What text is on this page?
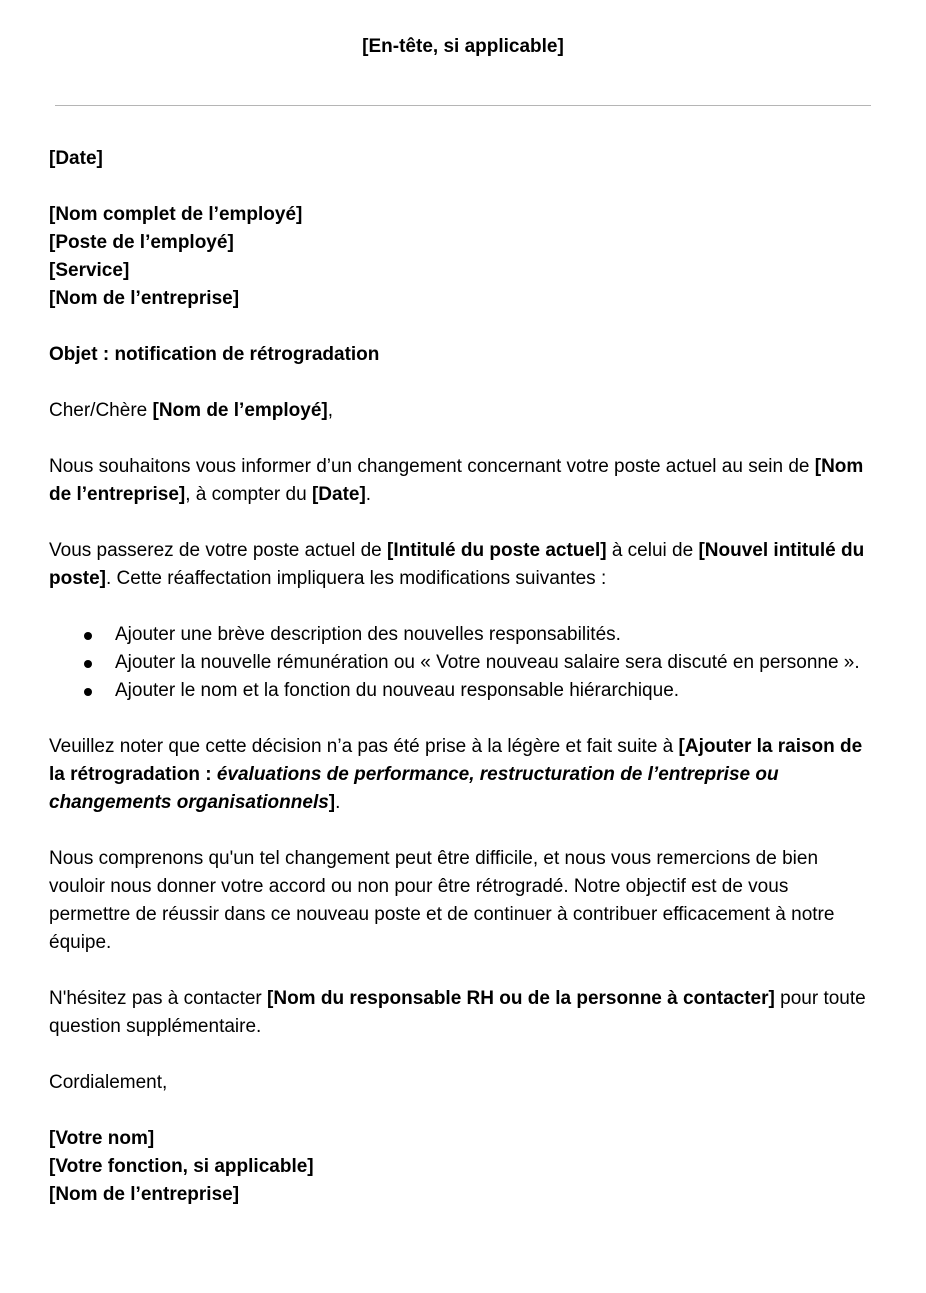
[En-tête, si applicable]

[Date]

[Nom complet de l’employé]
[Poste de l’employé]
[Service]
[Nom de l’entreprise]

Objet : notification de rétrogradation

Cher/Chère [Nom de l’employé],

Nous souhaitons vous informer d’un changement concernant votre poste actuel au sein de [Nom de l’entreprise], à compter du [Date].

Vous passerez de votre poste actuel de [Intitulé du poste actuel] à celui de [Nouvel intitulé du poste]. Cette réaffectation impliquera les modifications suivantes :

Ajouter une brève description des nouvelles responsabilités.
Ajouter la nouvelle rémunération ou « Votre nouveau salaire sera discuté en personne ».
Ajouter le nom et la fonction du nouveau responsable hiérarchique.

Veuillez noter que cette décision n’a pas été prise à la légère et fait suite à [Ajouter la raison de la rétrogradation : évaluations de performance, restructuration de l’entreprise ou changements organisationnels].

Nous comprenons qu'un tel changement peut être difficile, et nous vous remercions de bien vouloir nous donner votre accord ou non pour être rétrogradé. Notre objectif est de vous permettre de réussir dans ce nouveau poste et de continuer à contribuer efficacement à notre équipe.

N'hésitez pas à contacter [Nom du responsable RH ou de la personne à contacter] pour toute question supplémentaire.

Cordialement,

[Votre nom]
[Votre fonction, si applicable]
[Nom de l’entreprise]
